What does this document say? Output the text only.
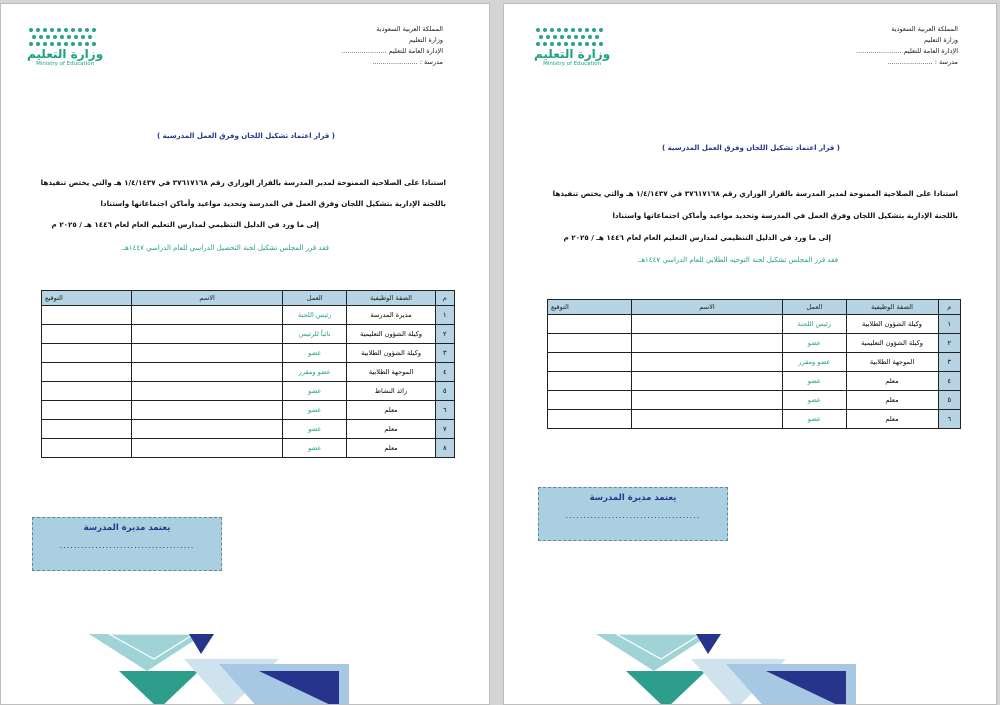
المملكة العربية السعودية
وزارة التعليم
الإدارة العامة للتعليم ......................
مدرسة : ......................
وزارة التعليم
Ministry of Education
( قرار اعتماد تشكيل اللجان وفرق العمل المدرسية )
استنادا على الصلاحية الممنوحة لمدير المدرسة بالقرار الوزاري رقم ٣٧٦١٧١٦٨ في ١/٤/١٤٣٧ هـ والتي يختص تنفيذها
باللجنة الإدارية بتشكيل اللجان وفرق العمل في المدرسة وتحديد مواعيد وأماكن اجتماعاتها واستنادا
إلى ما ورد في الدليل التنظيمي لمدارس التعليم العام لعام ١٤٤٦ هـ / ٢٠٢٥ م
فقد قرر المجلس تشكيل لجنة التحصيل الدراسي للعام الدراسي ١٤٤٧هـ.
م	الصفة الوظيفية	العمل	الاسم	التوقيع
١	مديرة المدرسة	رئيس اللجنة		
٢	وكيلة الشؤون التعليمية	نائباً للرئيس		
٣	وكيلة الشؤون الطلابية	عضو		
٤	الموجهة الطلابية	عضو ومقرر		
٥	رائد النشاط	عضو		
٦	معلم	عضو		
٧	معلم	عضو		
٨	معلم	عضو		
يعتمد مديرة المدرسة
......................................
المملكة العربية السعودية
وزارة التعليم
الإدارة العامة للتعليم ......................
مدرسة : ......................
وزارة التعليم
Ministry of Education
( قرار اعتماد تشكيل اللجان وفرق العمل المدرسية )
استنادا على الصلاحية الممنوحة لمدير المدرسة بالقرار الوزاري رقم ٣٧٦١٧١٦٨ في ١/٤/١٤٣٧ هـ والتي يختص تنفيذها
باللجنة الإدارية بتشكيل اللجان وفرق العمل في المدرسة وتحديد مواعيد وأماكن اجتماعاتها واستنادا
إلى ما ورد في الدليل التنظيمي لمدارس التعليم العام لعام ١٤٤٦ هـ / ٢٠٢٥ م
فقد قرر المجلس تشكيل لجنة التوجيه الطلابي للعام الدراسي ١٤٤٧هـ.
م	الصفة الوظيفية	العمل	الاسم	التوقيع
١	وكيلة الشؤون الطلابية	رئيس اللجنة		
٢	وكيلة الشؤون التعليمية	عضو		
٣	الموجهة الطلابية	عضو ومقرر		
٤	معلم	عضو		
٥	معلم	عضو		
٦	معلم	عضو		
يعتمد مديرة المدرسة
......................................
